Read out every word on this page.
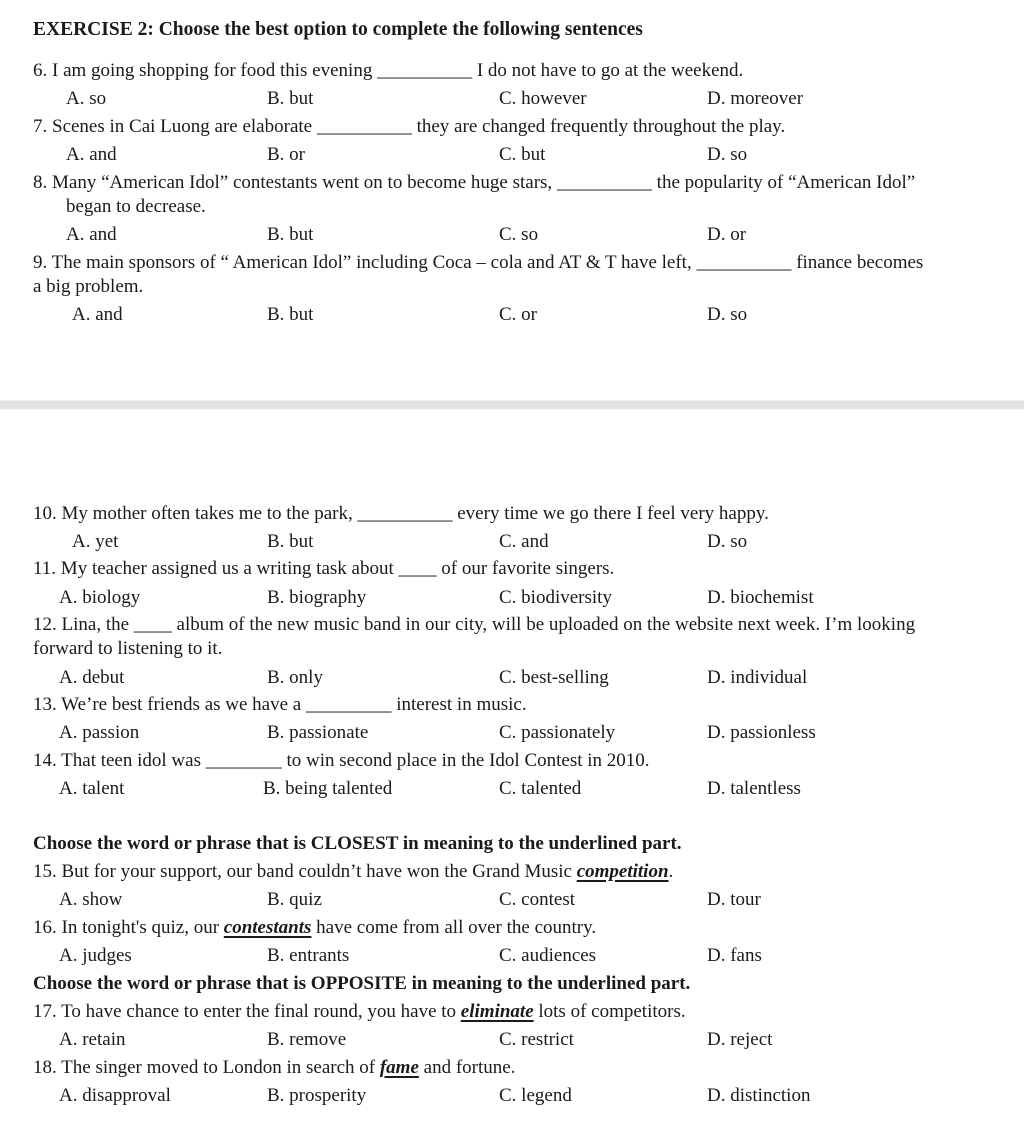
EXERCISE 2: Choose the best option to complete the following sentences
6. I am going shopping for food this evening __________ I do not have to go at the weekend.
A. so	B. but	C. however	D. moreover
7. Scenes in Cai Luong are elaborate __________ they are changed frequently throughout the play.
A. and	B. or	C. but	D. so
8. Many “American Idol” contestants went on to become huge stars, __________ the popularity of “American Idol”
began to decrease.
A. and	B. but	C. so	D. or
9. The main sponsors of “ American Idol” including Coca – cola and AT & T have left, __________ finance becomes
a big problem.
A. and	B. but	C. or	D. so
10. My mother often takes me to the park, __________ every time we go there I feel very happy.
A. yet	B. but	C. and	D. so
11. My teacher assigned us a writing task about ____ of our favorite singers.
A. biology	B. biography	C. biodiversity	D. biochemist
12. Lina, the ____ album of the new music band in our city, will be uploaded on the website next week. I’m looking
forward to listening to it.
A. debut	B. only	C. best-selling	D. individual
13. We’re best friends as we have a _________ interest in music.
A. passion	B. passionate	C. passionately	D. passionless
14. That teen idol was ________ to win second place in the Idol Contest in 2010.
A. talent	B. being talented	C. talented	D. talentless
Choose the word or phrase that is CLOSEST in meaning to the underlined part.
15. But for your support, our band couldn’t have won the Grand Music competition.
A. show	B. quiz	C. contest	D. tour
16. In tonight's quiz, our contestants have come from all over the country.
A. judges	B. entrants	C. audiences	D. fans
Choose the word or phrase that is OPPOSITE in meaning to the underlined part.
17. To have chance to enter the final round, you have to eliminate lots of competitors.
A. retain	B. remove	C. restrict	D. reject
18. The singer moved to London in search of fame and fortune.
A. disapproval	B. prosperity	C. legend	D. distinction
